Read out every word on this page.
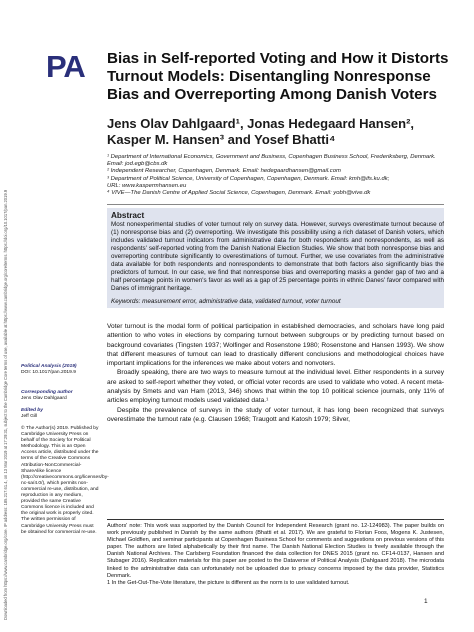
Downloaded from https://www.cambridge.org/core. IP address: 185.217.61.4, on 13 Mar 2019 at 17:29:31, subject to the Cambridge Core terms of use, available at https://www.cambridge.org/core/terms. https://doi.org/10.1017/pan.2019.9
PA Bias in Self-reported Voting and How it Distorts Turnout Models: Disentangling Nonresponse Bias and Overreporting Among Danish Voters
Jens Olav Dahlgaard¹, Jonas Hedegaard Hansen², Kasper M. Hansen³ and Yosef Bhatti⁴
¹ Department of International Economics, Government and Business, Copenhagen Business School, Frederiksberg, Denmark.
Email: jod.egb@cbs.dk
² Independent Researcher, Copenhagen, Denmark. Email: hedegaardhansen@gmail.com
³ Department of Political Science, University of Copenhagen, Copenhagen, Denmark. Email: kmh@ifs.ku.dk;
URL: www.kaspermhansen.eu
⁴ VIVE—The Danish Centre of Applied Social Science, Copenhagen, Denmark. Email: yobh@vive.dk
Abstract
Most nonexperimental studies of voter turnout rely on survey data. However, surveys overestimate turnout because of (1) nonresponse bias and (2) overreporting. We investigate this possibility using a rich dataset of Danish voters, which includes validated turnout indicators from administrative data for both respondents and nonrespondents, as well as respondents' self-reported voting from the Danish National Election Studies. We show that both nonresponse bias and overreporting contribute significantly to overestimations of turnout. Further, we use covariates from the administrative data available for both respondents and nonrespondents to demonstrate that both factors also significantly bias the predictors of turnout. In our case, we find that nonresponse bias and overreporting masks a gender gap of two and a half percentage points in women's favor as well as a gap of 25 percentage points in ethnic Danes' favor compared with Danes of immigrant heritage.
Keywords: measurement error, administrative data, validated turnout, voter turnout

Voter turnout is the modal form of political participation in established democracies, and scholars have long paid attention to who votes in elections by comparing turnout between subgroups or by predicting turnout based on background covariates (Tingsten 1937; Wolfinger and Rosenstone 1980; Rosenstone and Hansen 1993). We show that different measures of turnout can lead to drastically different conclusions and methodological choices have important implications for the inferences we make about voters and nonvoters.

Broadly speaking, there are two ways to measure turnout at the individual level. Either respondents in a survey are asked to self-report whether they voted, or official voter records are used to validate who voted. A recent meta-analysis by Smets and van Ham (2013, 346) shows that within the top 10 political science journals, only 11% of articles employing turnout models used validated data.¹

Despite the prevalence of surveys in the study of voter turnout, it has long been recognized that surveys overestimate the turnout rate (e.g. Clausen 1968; Traugott and Katosh 1979; Silver,

Political Analysis (2019)
DOI: 10.1017/pan.2019.9
Corresponding author
Jens Olav Dahlgaard
Edited by
Jeff Gill
© The Author(s) 2019. Published by Cambridge University Press on behalf of the Society for Political Methodology. This is an Open Access article, distributed under the terms of the Creative Commons Attribution-NonCommercial-ShareAlike licence (http://creativecommons.org/licenses/by-nc-sa/4.0/), which permits non-commercial re-use, distribution, and reproduction in any medium, provided the same Creative Commons licence is included and the original work is properly cited. The written permission of Cambridge University Press must be obtained for commercial re-use.
Authors' note: This work was supported by the Danish Council for Independent Research (grant no. 12-124983). The paper builds on work previously published in Danish by the same authors (Bhatti et al. 2017). We are grateful to Florian Foos, Mogens K. Justesen, Michael Goldfien, and seminar participants at Copenhagen Business School for comments and suggestions on previous versions of this paper. The authors are listed alphabetically by their first name. The Danish National Election Studies is freely available through the Danish National Archives. The Carlsberg Foundation financed the data collection for DNES 2015 (grant no. CF14-0137, Hansen and Stubager 2016). Replication materials for this paper are posted to the Dataverse of Political Analysis (Dahlgaard 2018). The microdata linked to the administrative data can unfortunately not be uploaded due to privacy concerns imposed by the data provider, Statistics Denmark.
1 In the Get-Out-The-Vote literature, the picture is different as the norm is to use validated turnout.
1
